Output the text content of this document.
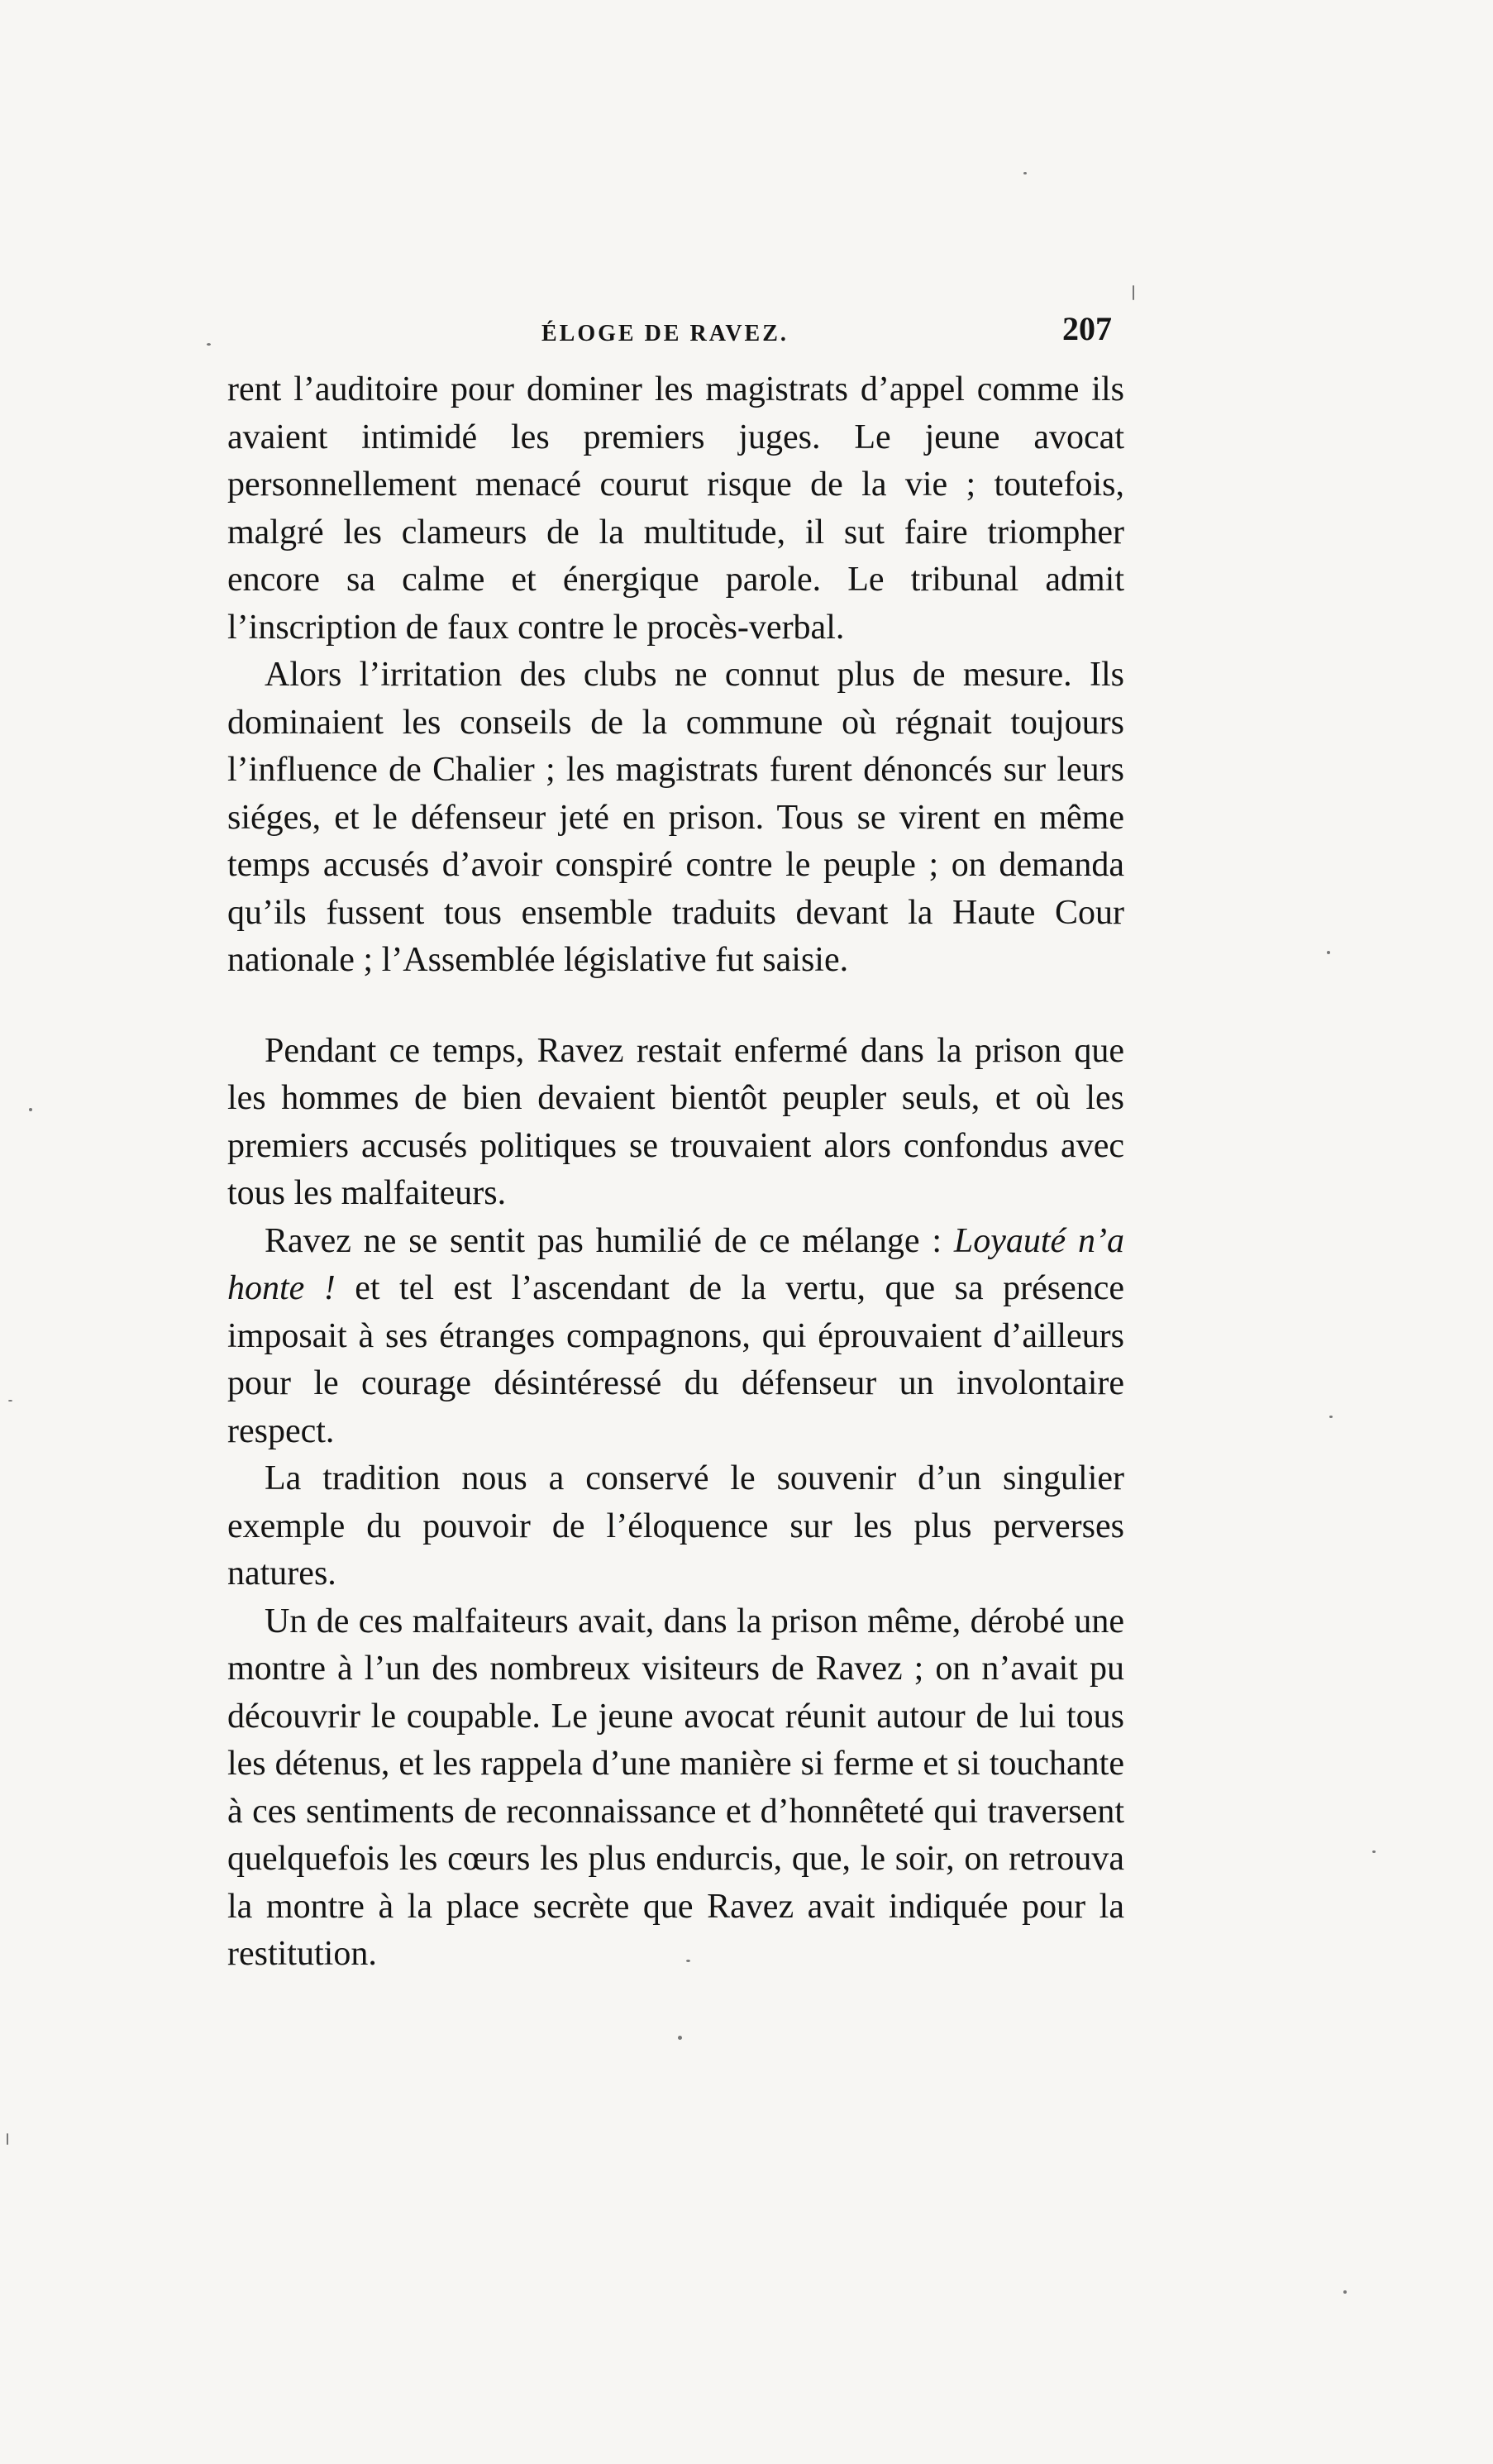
ÉLOGE DE RAVEZ.	207

rent l’auditoire pour dominer les magistrats d’appel comme ils avaient intimidé les premiers juges. Le jeune avocat personnellement menacé courut risque de la vie ; toutefois, malgré les clameurs de la multitude, il sut faire triompher encore sa calme et énergique parole. Le tribunal admit l’inscription de faux contre le procès-verbal.

Alors l’irritation des clubs ne connut plus de mesure. Ils dominaient les conseils de la commune où régnait toujours l’influence de Chalier ; les magistrats furent dénoncés sur leurs siéges, et le défenseur jeté en prison. Tous se virent en même temps accusés d’avoir conspiré contre le peuple ; on demanda qu’ils fussent tous ensemble traduits devant la Haute Cour nationale ; l’Assemblée législative fut saisie.

Pendant ce temps, Ravez restait enfermé dans la prison que les hommes de bien devaient bientôt peupler seuls, et où les premiers accusés politiques se trouvaient alors confondus avec tous les malfaiteurs.

Ravez ne se sentit pas humilié de ce mélange : Loyauté n’a honte ! et tel est l’ascendant de la vertu, que sa présence imposait à ses étranges compagnons, qui éprouvaient d’ailleurs pour le courage désintéressé du défenseur un involontaire respect.

La tradition nous a conservé le souvenir d’un singulier exemple du pouvoir de l’éloquence sur les plus perverses natures.

Un de ces malfaiteurs avait, dans la prison même, dérobé une montre à l’un des nombreux visiteurs de Ravez ; on n’avait pu découvrir le coupable. Le jeune avocat réunit autour de lui tous les détenus, et les rappela d’une manière si ferme et si touchante à ces sentiments de reconnaissance et d’honnêteté qui traversent quelquefois les cœurs les plus endurcis, que, le soir, on retrouva la montre à la place secrète que Ravez avait indiquée pour la restitution.
